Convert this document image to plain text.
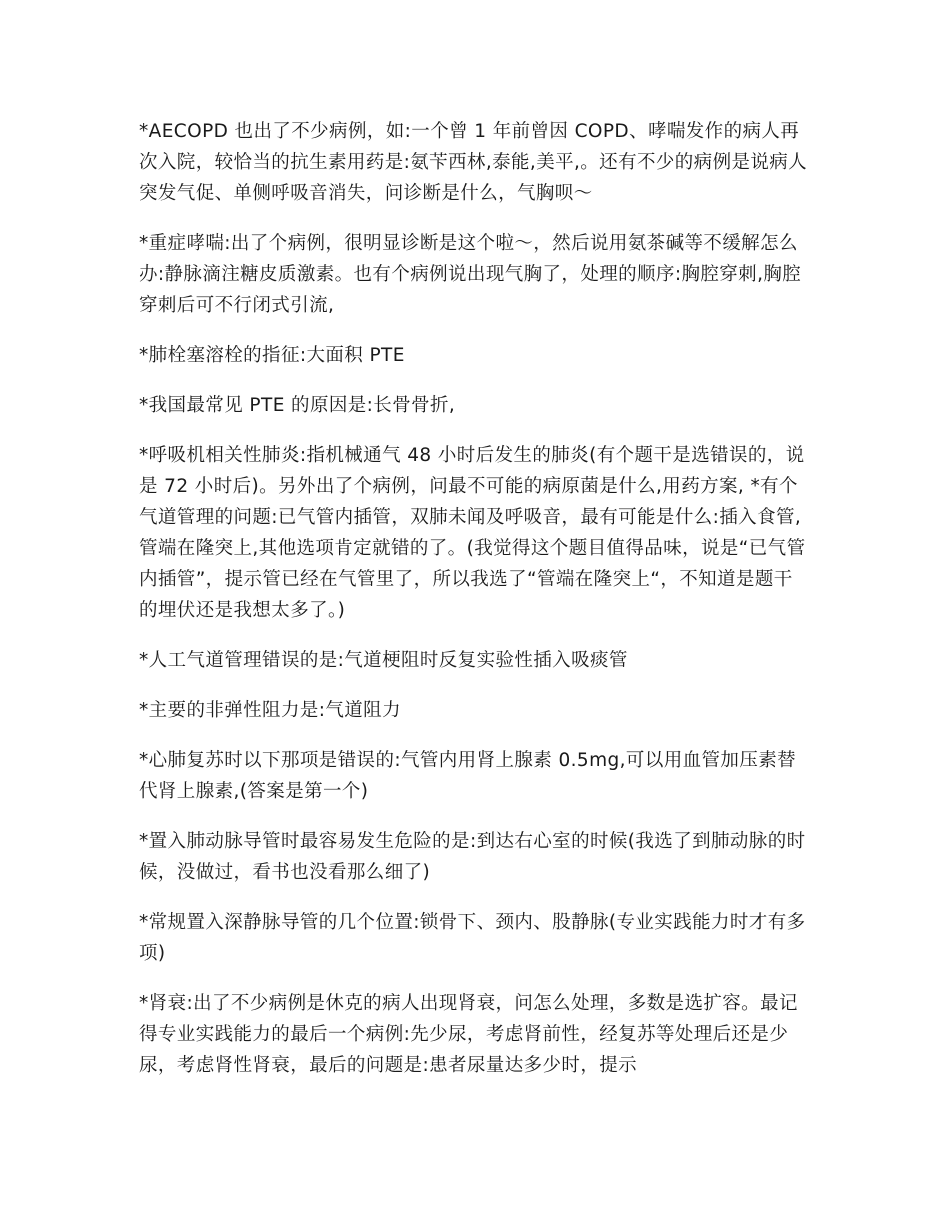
*AECOPD 也出了不少病例，如:一个曾 1 年前曾因 COPD、哮喘发作的病人再次入院，较恰当的抗生素用药是:氨苄西林,泰能,美平,。还有不少的病例是说病人突发气促、单侧呼吸音消失，问诊断是什么，气胸呗～

*重症哮喘:出了个病例，很明显诊断是这个啦～，然后说用氨茶碱等不缓解怎么办:静脉滴注糖皮质激素。也有个病例说出现气胸了，处理的顺序:胸腔穿刺,胸腔穿刺后可不行闭式引流,

*肺栓塞溶栓的指征:大面积 PTE

*我国最常见 PTE 的原因是:长骨骨折,

*呼吸机相关性肺炎:指机械通气 48 小时后发生的肺炎(有个题干是选错误的，说是 72 小时后)。另外出了个病例，问最不可能的病原菌是什么,用药方案, *有个气道管理的问题:已气管内插管，双肺未闻及呼吸音，最有可能是什么:插入食管,管端在隆突上,其他选项肯定就错的了。(我觉得这个题目值得品味，说是“已气管内插管”，提示管已经在气管里了，所以我选了“管端在隆突上“，不知道是题干的埋伏还是我想太多了。)

*人工气道管理错误的是:气道梗阻时反复实验性插入吸痰管

*主要的非弹性阻力是:气道阻力

*心肺复苏时以下那项是错误的:气管内用肾上腺素 0.5mg,可以用血管加压素替代肾上腺素,(答案是第一个)

*置入肺动脉导管时最容易发生危险的是:到达右心室的时候(我选了到肺动脉的时候，没做过，看书也没看那么细了)

*常规置入深静脉导管的几个位置:锁骨下、颈内、股静脉(专业实践能力时才有多项)

*肾衰:出了不少病例是休克的病人出现肾衰，问怎么处理，多数是选扩容。最记得专业实践能力的最后一个病例:先少尿，考虑肾前性，经复苏等处理后还是少尿，考虑肾性肾衰，最后的问题是:患者尿量达多少时，提示
